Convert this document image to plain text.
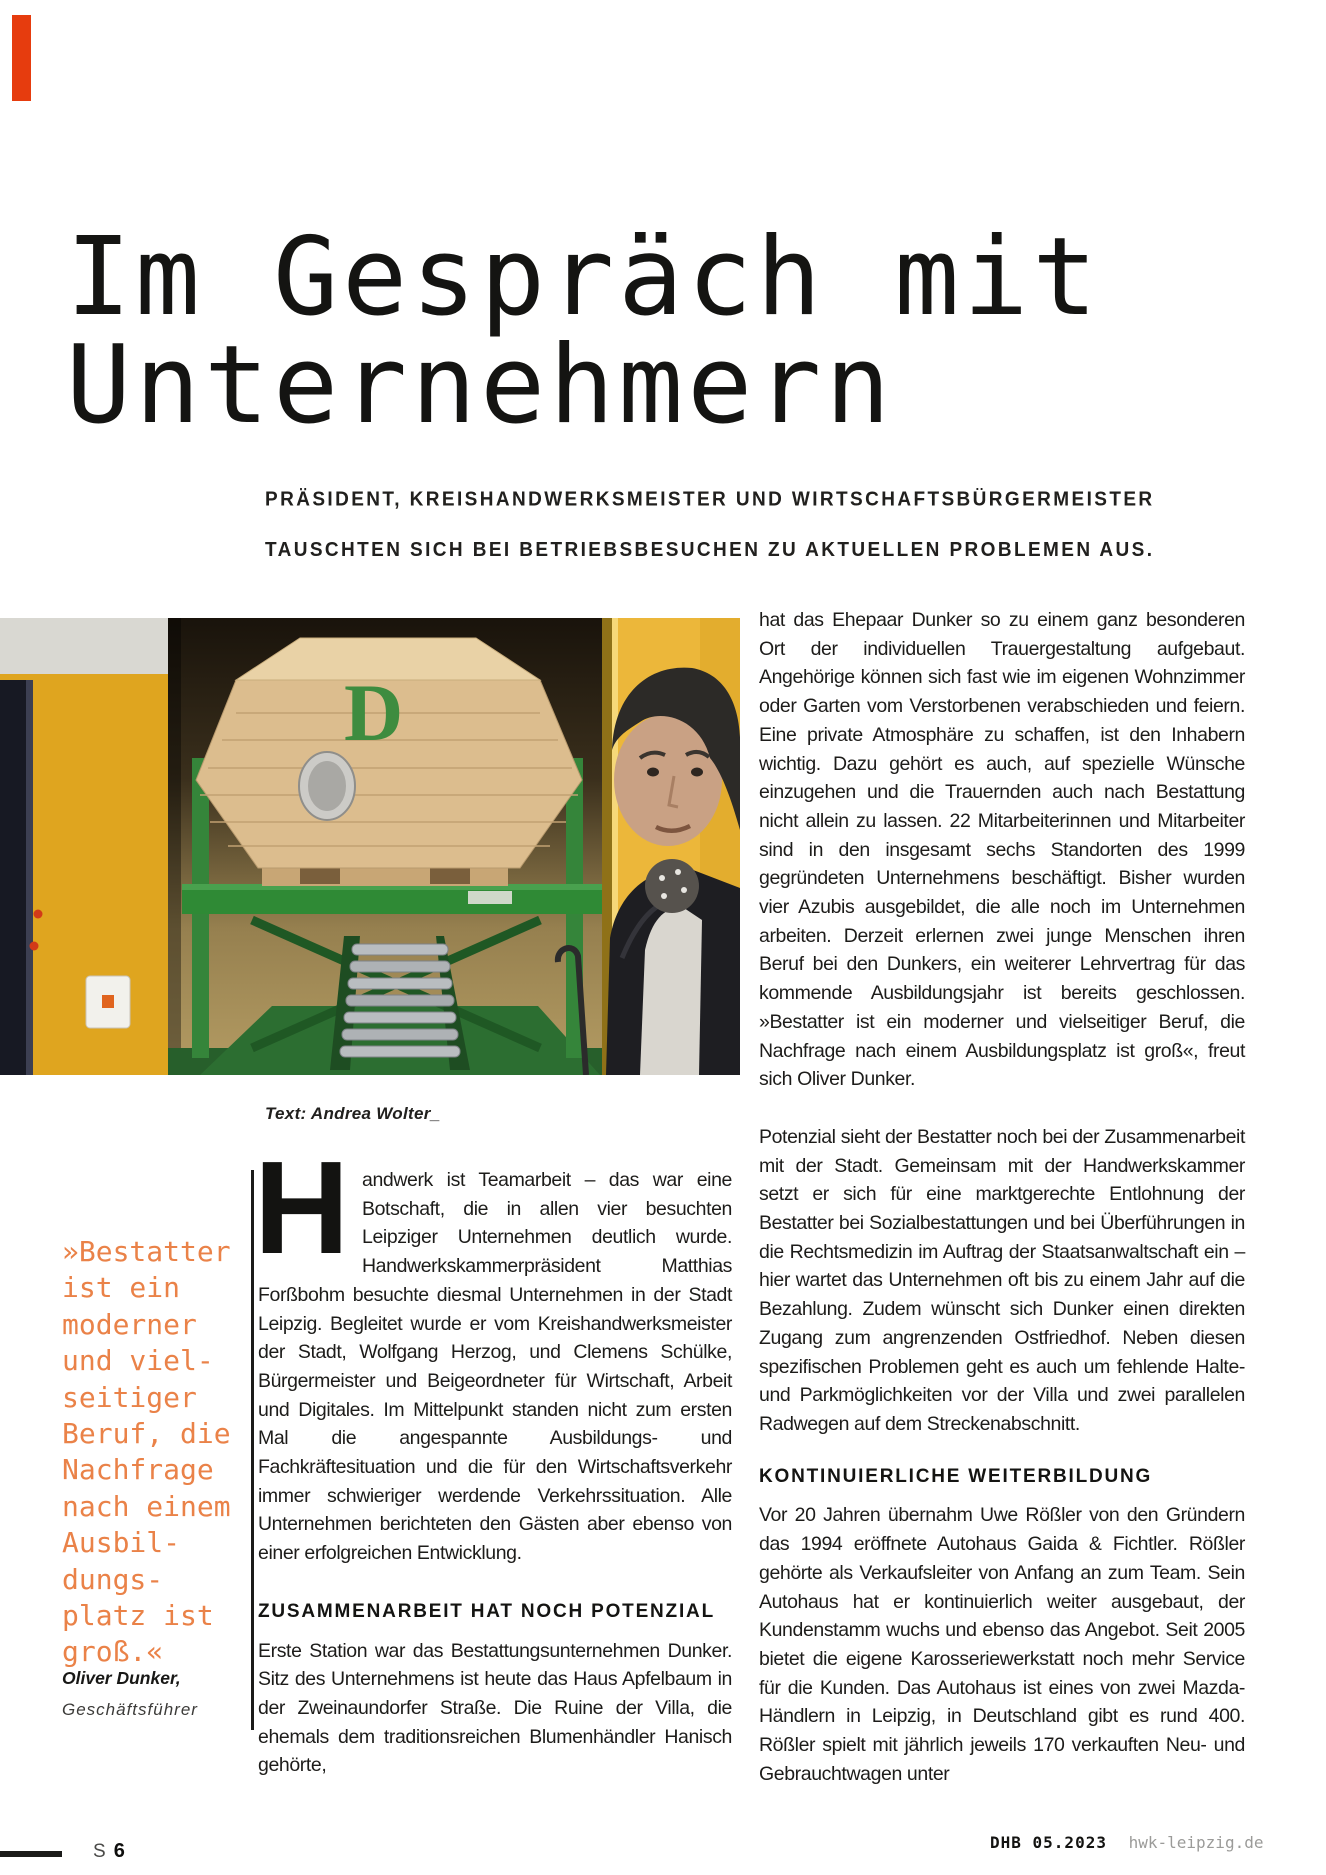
Im Gespräch mit
Unternehmern
PRÄSIDENT, KREISHANDWERKSMEISTER UND WIRTSCHAFTSBÜRGERMEISTER
TAUSCHTEN SICH BEI BETRIEBSBESUCHEN ZU AKTUELLEN PROBLEMEN AUS.
D
Text: Andrea Wolter_
»Bestatter
ist ein
moderner
und viel-
seitiger
Beruf, die
Nachfrage
nach einem
Ausbil-
dungs-
platz ist
groß.«
Oliver Dunker,
Geschäftsführer
H andwerk ist Teamarbeit – das war eine Botschaft, die in allen vier besuchten Leipziger Unternehmen deutlich wurde. Handwerkskammerpräsident Matthias Forßbohm besuchte diesmal Unternehmen in der Stadt Leipzig. Begleitet wurde er vom Kreishandwerksmeister der Stadt, Wolfgang Herzog, und Clemens Schülke, Bürgermeister und Beigeordneter für Wirtschaft, Arbeit und Digitales. Im Mittelpunkt standen nicht zum ersten Mal die angespannte Ausbildungs- und Fachkräftesituation und die für den Wirtschaftsverkehr immer schwieriger werdende Verkehrssituation. Alle Unternehmen berichteten den Gästen aber ebenso von einer erfolgreichen Entwicklung.

ZUSAMMENARBEIT HAT NOCH POTENZIAL

Erste Station war das Bestattungsunternehmen Dunker. Sitz des Unternehmens ist heute das Haus Apfelbaum in der Zweinaundorfer Straße. Die Ruine der Villa, die ehemals dem traditionsreichen Blumenhändler Hanisch gehörte,

hat das Ehepaar Dunker so zu einem ganz besonderen Ort der individuellen Trauergestaltung aufgebaut. Angehörige können sich fast wie im eigenen Wohnzimmer oder Garten vom Verstorbenen verabschieden und feiern. Eine private Atmosphäre zu schaffen, ist den Inhabern wichtig. Dazu gehört es auch, auf spezielle Wünsche einzugehen und die Trauernden auch nach Bestattung nicht allein zu lassen. 22 Mitarbeiterinnen und Mitarbeiter sind in den insgesamt sechs Standorten des 1999 gegründeten Unternehmens beschäftigt. Bisher wurden vier Azubis ausgebildet, die alle noch im Unternehmen arbeiten. Derzeit erlernen zwei junge Menschen ihren Beruf bei den Dunkers, ein weiterer Lehrvertrag für das kommende Ausbildungsjahr ist bereits geschlossen. »Bestatter ist ein moderner und vielseitiger Beruf, die Nachfrage nach einem Ausbildungsplatz ist groß«, freut sich Oliver Dunker.

Potenzial sieht der Bestatter noch bei der Zusammenarbeit mit der Stadt. Gemeinsam mit der Handwerkskammer setzt er sich für eine marktgerechte Entlohnung der Bestatter bei Sozialbestattungen und bei Überführungen in die Rechtsmedizin im Auftrag der Staatsanwaltschaft ein – hier wartet das Unternehmen oft bis zu einem Jahr auf die Bezahlung. Zudem wünscht sich Dunker einen direkten Zugang zum angrenzenden Ostfriedhof. Neben diesen spezifischen Problemen geht es auch um fehlende Halte- und Parkmöglichkeiten vor der Villa und zwei parallelen Radwegen auf dem Streckenabschnitt.

KONTINUIERLICHE WEITERBILDUNG

Vor 20 Jahren übernahm Uwe Rößler von den Gründern das 1994 eröffnete Autohaus Gaida & Fichtler. Rößler gehörte als Verkaufsleiter von Anfang an zum Team. Sein Autohaus hat er kontinuierlich weiter ausgebaut, der Kundenstamm wuchs und ebenso das Angebot. Seit 2005 bietet die eigene Karosseriewerkstatt noch mehr Service für die Kunden. Das Autohaus ist eines von zwei Mazda-Händlern in Leipzig, in Deutschland gibt es rund 400. Rößler spielt mit jährlich jeweils 170 verkauften Neu- und Gebrauchtwagen unter

S 6	DHB 05.2023 hwk-leipzig.de
